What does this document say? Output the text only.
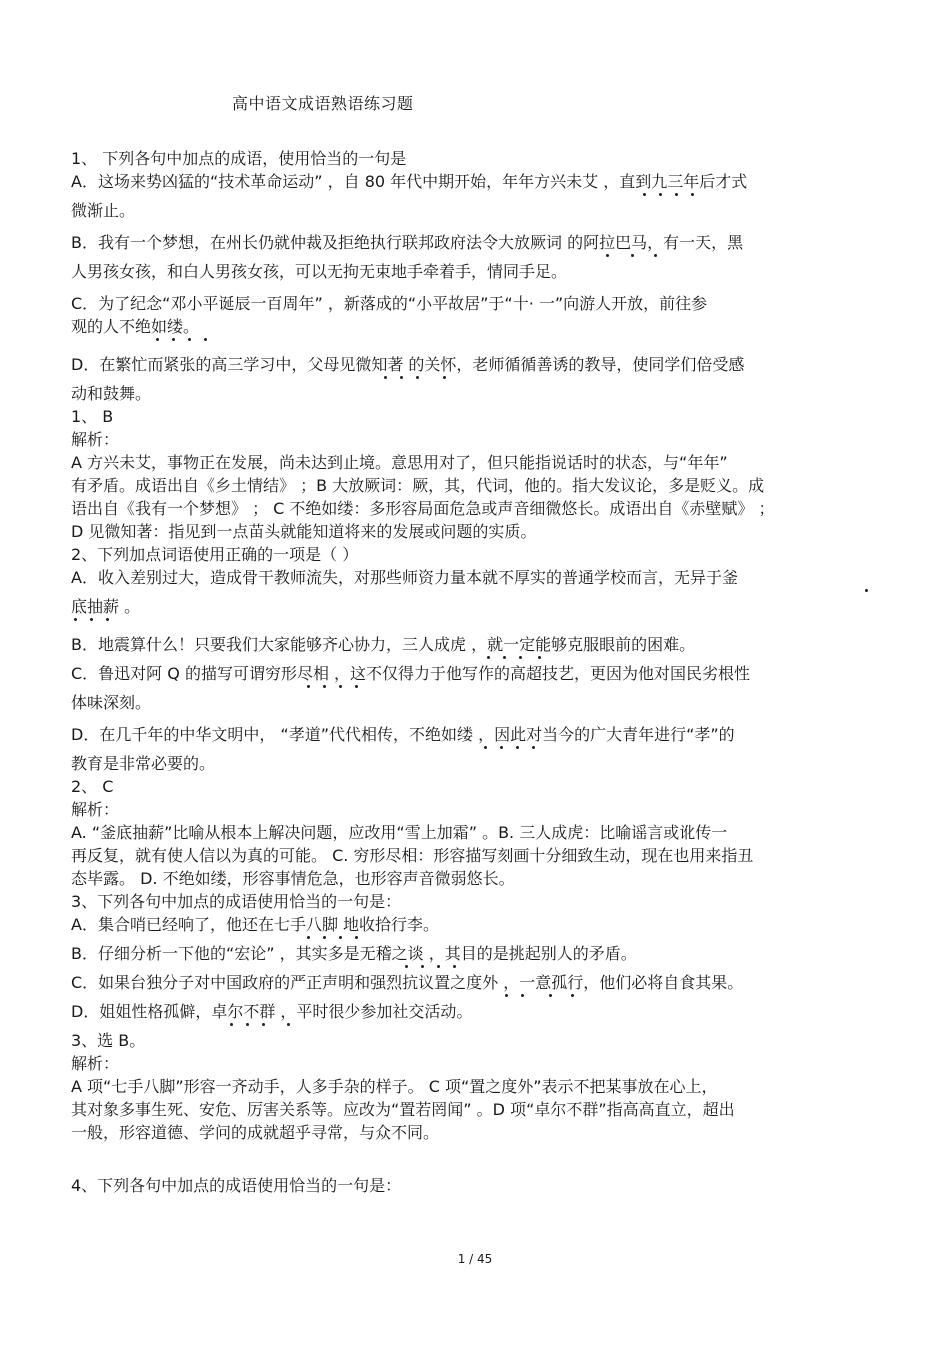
高中语文成语熟语练习题
1、 下列各句中加点的成语，使用恰当的一句是
A．这场来势凶猛的“技术革命运动” ，自 80 年代中期开始，年年方兴未艾 ，直到九三年后才式
微渐止。
B．我有一个梦想，在州长仍就仲裁及拒绝执行联邦政府法令大放厥词 的阿拉巴马，有一天，黑
人男孩女孩，和白人男孩女孩，可以无拘无束地手牵着手，情同手足。
C．为了纪念“邓小平诞辰一百周年” ，新落成的“小平故居”于“十· 一”向游人开放，前往参
观的人不绝如缕。
D．在繁忙而紧张的高三学习中，父母见微知著 的关怀，老师循循善诱的教导，使同学们倍受感
动和鼓舞。
1、 B
解析：
A 方兴未艾，事物正在发展，尚未达到止境。意思用对了，但只能指说话时的状态，与“年年”
有矛盾。成语出自《乡土情结》 ；B 大放厥词：厥，其，代词，他的。指大发议论，多是贬义。成
语出自《我有一个梦想》 ； C 不绝如缕：多形容局面危急或声音细微悠长。成语出自《赤壁赋》 ；
D 见微知著：指见到一点苗头就能知道将来的发展或问题的实质。
2、下列加点词语使用正确的一项是（ ）
A．收入差别过大，造成骨干教师流失，对那些师资力量本就不厚实的普通学校而言，无异于釜
底抽薪 。
B．地震算什么！只要我们大家能够齐心协力，三人成虎 ，就一定能够克服眼前的困难。
C．鲁迅对阿 Q 的描写可谓穷形尽相 ，这不仅得力于他写作的高超技艺，更因为他对国民劣根性
体味深刻。
D．在几千年的中华文明中， “孝道”代代相传，不绝如缕 ，因此对当今的广大青年进行“孝”的
教育是非常必要的。
2、 C
解析：
A. “釜底抽薪”比喻从根本上解决问题，应改用“雪上加霜” 。B. 三人成虎：比喻谣言或讹传一
再反复，就有使人信以为真的可能。 C. 穷形尽相：形容描写刻画十分细致生动，现在也用来指丑
态毕露。 D. 不绝如缕，形容事情危急，也形容声音微弱悠长。
3、下列各句中加点的成语使用恰当的一句是：
A．集合哨已经响了，他还在七手八脚 地收拾行李。
B．仔细分析一下他的“宏论” ，其实多是无稽之谈 ，其目的是挑起别人的矛盾。
C．如果台独分子对中国政府的严正声明和强烈抗议置之度外 ，一意孤行，他们必将自食其果。
D．姐姐性格孤僻，卓尔不群 ，平时很少参加社交活动。
3、选 B。
解析：
A 项“七手八脚”形容一齐动手，人多手杂的样子。 C 项“置之度外”表示不把某事放在心上，
其对象多事生死、安危、厉害关系等。应改为“置若罔闻” 。D 项“卓尔不群”指高高直立，超出
一般，形容道德、学问的成就超乎寻常，与众不同。
4、下列各句中加点的成语使用恰当的一句是：
1 / 45
